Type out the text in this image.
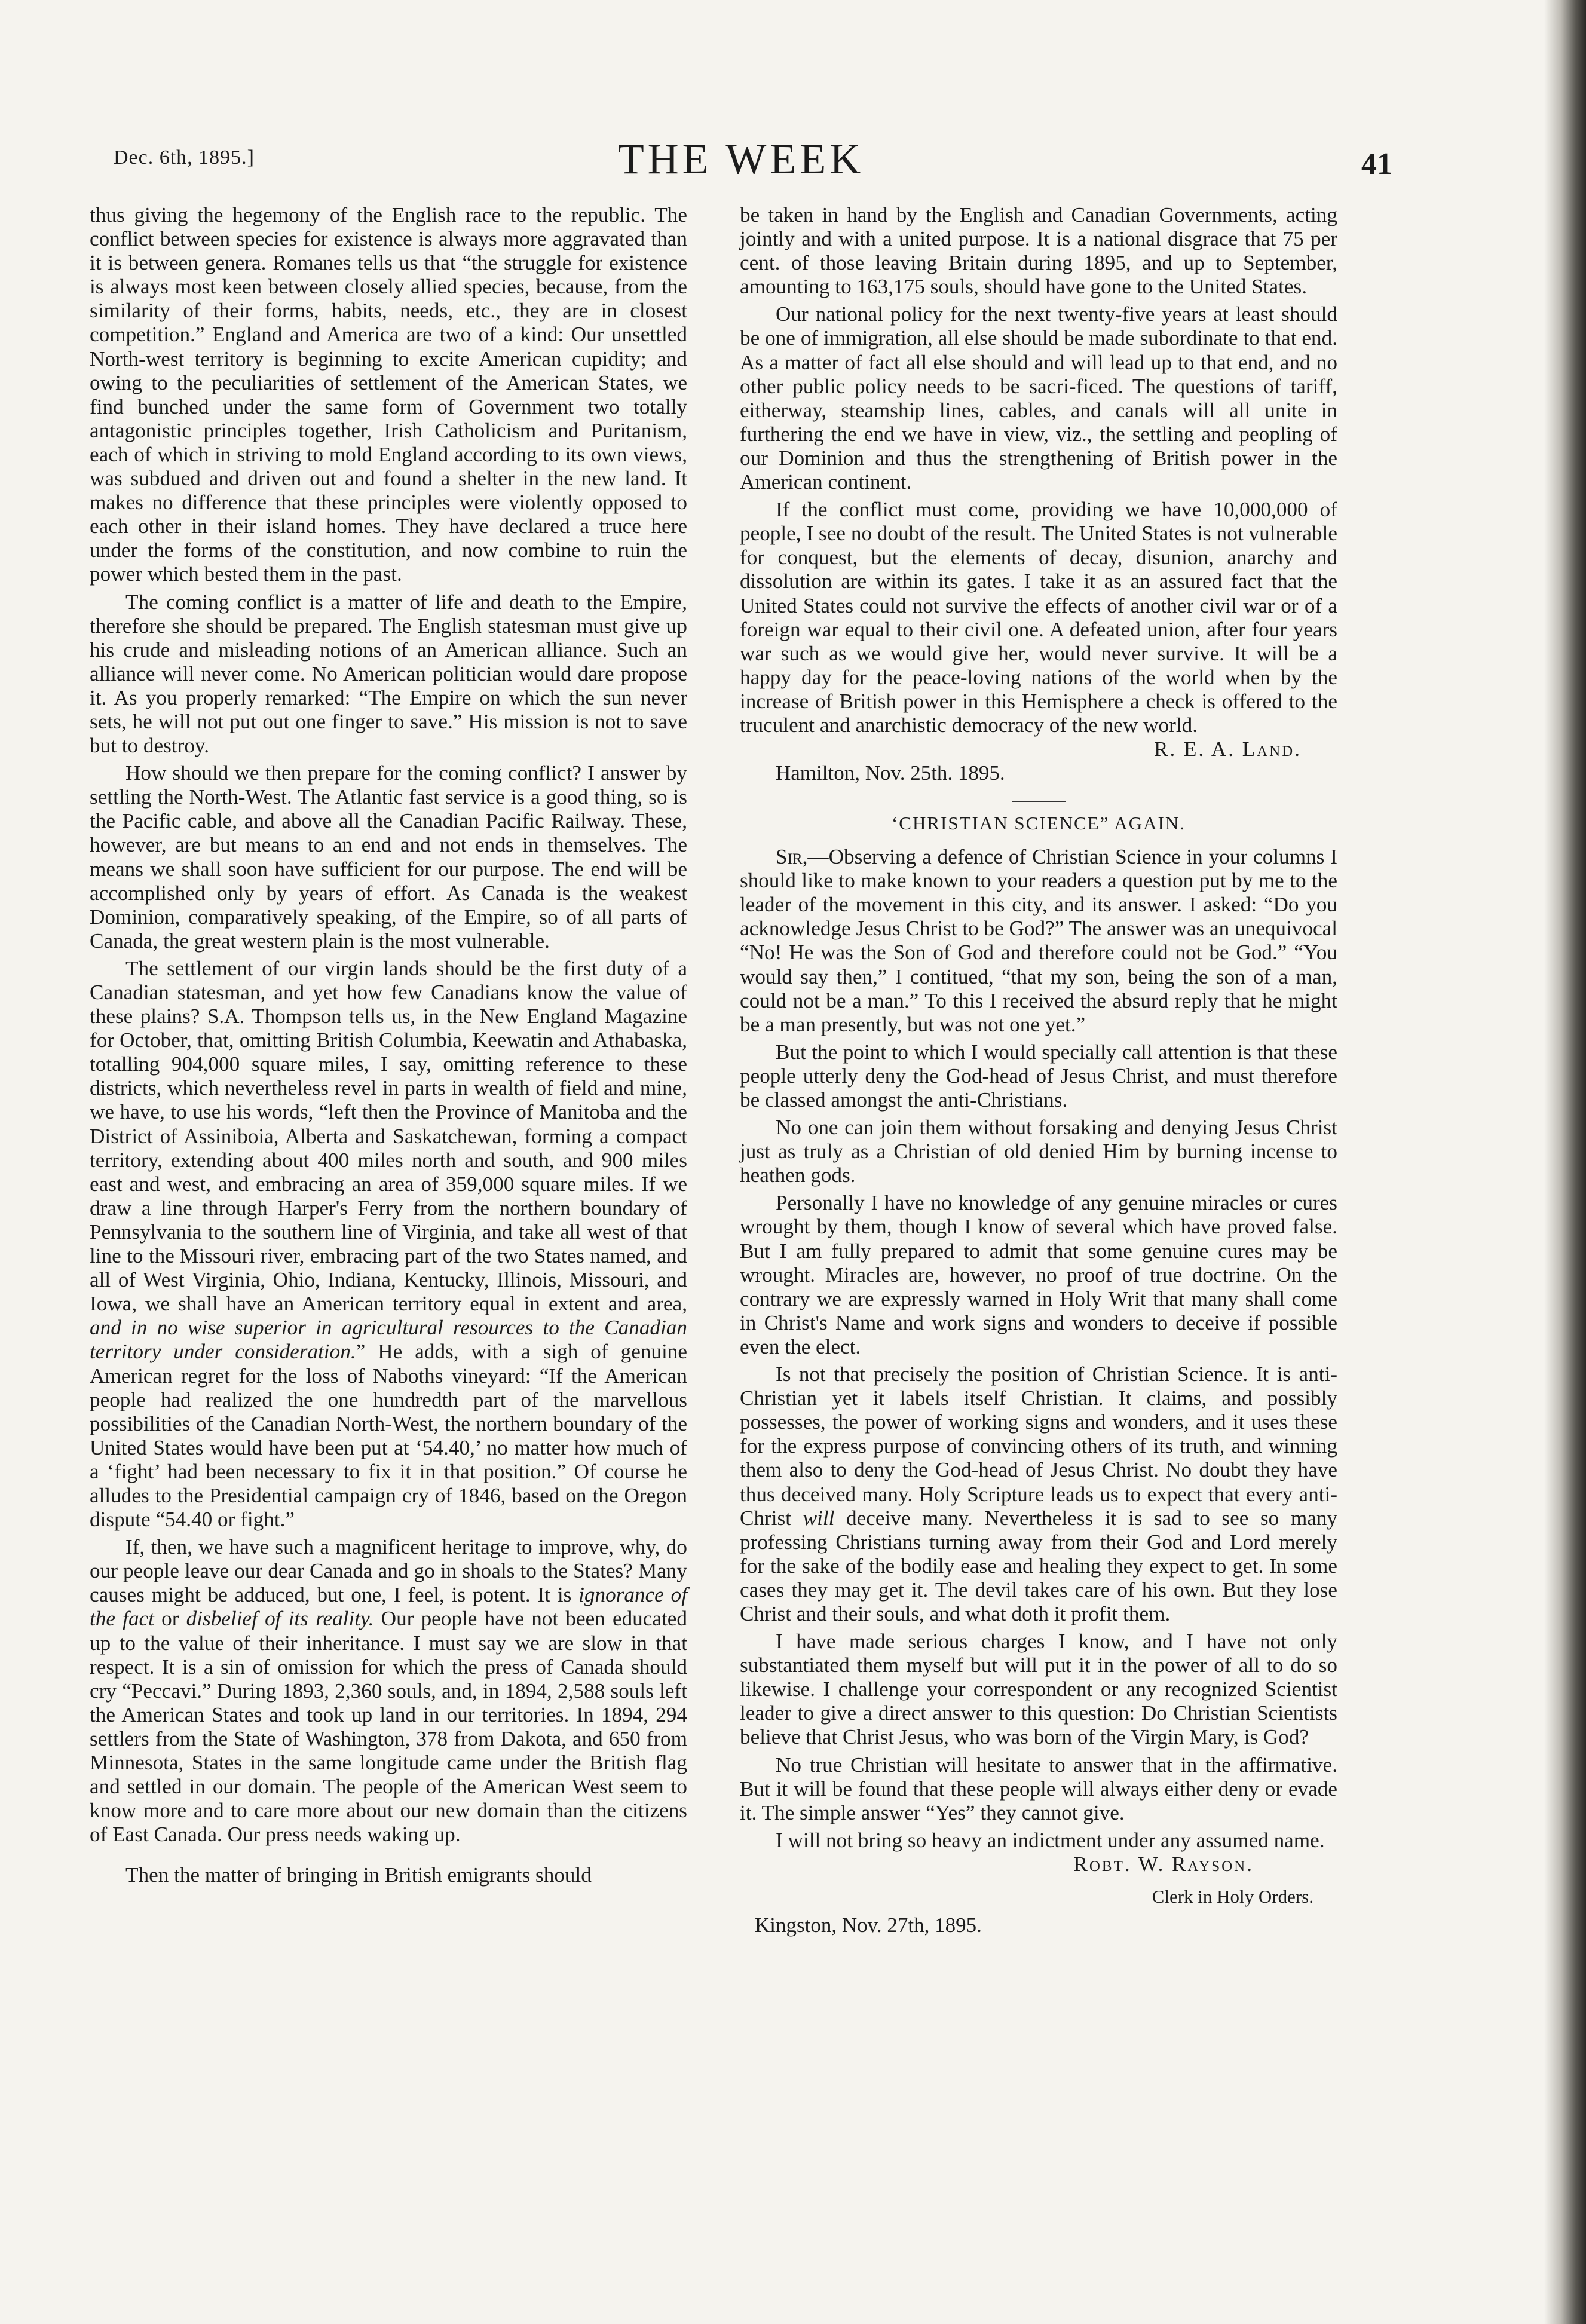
Dec. 6th, 1895.]	THE WEEK	41

thus giving the hegemony of the English race to the republic. The conflict between species for existence is always more aggravated than it is between genera. Romanes tells us that “the struggle for existence is always most keen between closely allied species, because, from the similarity of their forms, habits, needs, etc., they are in closest competition.” England and America are two of a kind: Our unsettled North-west territory is beginning to excite American cupidity; and owing to the peculiarities of settlement of the American States, we find bunched under the same form of Government two totally antagonistic principles together, Irish Catholicism and Puritanism, each of which in striving to mold England according to its own views, was subdued and driven out and found a shelter in the new land. It makes no difference that these principles were violently opposed to each other in their island homes. They have declared a truce here under the forms of the constitution, and now combine to ruin the power which bested them in the past.

The coming conflict is a matter of life and death to the Empire, therefore she should be prepared. The English statesman must give up his crude and misleading notions of an American alliance. Such an alliance will never come. No American politician would dare propose it. As you properly remarked: “The Empire on which the sun never sets, he will not put out one finger to save.” His mission is not to save but to destroy.

How should we then prepare for the coming conflict? I answer by settling the North-West. The Atlantic fast service is a good thing, so is the Pacific cable, and above all the Canadian Pacific Railway. These, however, are but means to an end and not ends in themselves. The means we shall soon have sufficient for our purpose. The end will be accomplished only by years of effort. As Canada is the weakest Dominion, comparatively speaking, of the Empire, so of all parts of Canada, the great western plain is the most vulnerable.

The settlement of our virgin lands should be the first duty of a Canadian statesman, and yet how few Canadians know the value of these plains? S.A. Thompson tells us, in the New England Magazine for October, that, omitting British Columbia, Keewatin and Athabaska, totalling 904,000 square miles, I say, omitting reference to these districts, which nevertheless revel in parts in wealth of field and mine, we have, to use his words, “left then the Province of Manitoba and the District of Assiniboia, Alberta and Saskatchewan, forming a compact territory, extending about 400 miles north and south, and 900 miles east and west, and embracing an area of 359,000 square miles. If we draw a line through Harper's Ferry from the northern boundary of Pennsylvania to the southern line of Virginia, and take all west of that line to the Missouri river, embracing part of the two States named, and all of West Virginia, Ohio, Indiana, Kentucky, Illinois, Missouri, and Iowa, we shall have an American territory equal in extent and area, and in no wise superior in agricultural resources to the Canadian territory under consideration.” He adds, with a sigh of genuine American regret for the loss of Naboths vineyard: “If the American people had realized the one hundredth part of the marvellous possibilities of the Canadian North-West, the northern boundary of the United States would have been put at ‘54.40,’ no matter how much of a ‘fight’ had been necessary to fix it in that position.” Of course he alludes to the Presidential campaign cry of 1846, based on the Oregon dispute “54.40 or fight.”

If, then, we have such a magnificent heritage to improve, why, do our people leave our dear Canada and go in shoals to the States? Many causes might be adduced, but one, I feel, is potent. It is ignorance of the fact or disbelief of its reality. Our people have not been educated up to the value of their inheritance. I must say we are slow in that respect. It is a sin of omission for which the press of Canada should cry “Peccavi.” During 1893, 2,360 souls, and, in 1894, 2,588 souls left the American States and took up land in our territories. In 1894, 294 settlers from the State of Washington, 378 from Dakota, and 650 from Minnesota, States in the same longitude came under the British flag and settled in our domain. The people of the American West seem to know more and to care more about our new domain than the citizens of East Canada. Our press needs waking up.

Then the matter of bringing in British emigrants should

be taken in hand by the English and Canadian Governments, acting jointly and with a united purpose. It is a national disgrace that 75 per cent. of those leaving Britain during 1895, and up to September, amounting to 163,175 souls, should have gone to the United States.

Our national policy for the next twenty-five years at least should be one of immigration, all else should be made subordinate to that end. As a matter of fact all else should and will lead up to that end, and no other public policy needs to be sacri-ficed. The questions of tariff, eitherway, steamship lines, cables, and canals will all unite in furthering the end we have in view, viz., the settling and peopling of our Dominion and thus the strengthening of British power in the American continent.

If the conflict must come, providing we have 10,000,000 of people, I see no doubt of the result. The United States is not vulnerable for conquest, but the elements of decay, disunion, anarchy and dissolution are within its gates. I take it as an assured fact that the United States could not survive the effects of another civil war or of a foreign war equal to their civil one. A defeated union, after four years war such as we would give her, would never survive. It will be a happy day for the peace-loving nations of the world when by the increase of British power in this Hemisphere a check is offered to the truculent and anarchistic democracy of the new world.

R. E. A. Land.
Hamilton, Nov. 25th. 1895.
‘CHRISTIAN SCIENCE” AGAIN.

Sir,—Observing a defence of Christian Science in your columns I should like to make known to your readers a question put by me to the leader of the movement in this city, and its answer. I asked: “Do you acknowledge Jesus Christ to be God?” The answer was an unequivocal “No! He was the Son of God and therefore could not be God.” “You would say then,” I contitued, “that my son, being the son of a man, could not be a man.” To this I received the absurd reply that he might be a man presently, but was not one yet.”

But the point to which I would specially call attention is that these people utterly deny the God-head of Jesus Christ, and must therefore be classed amongst the anti-Christians.

No one can join them without forsaking and denying Jesus Christ just as truly as a Christian of old denied Him by burning incense to heathen gods.

Personally I have no knowledge of any genuine miracles or cures wrought by them, though I know of several which have proved false. But I am fully prepared to admit that some genuine cures may be wrought. Miracles are, however, no proof of true doctrine. On the contrary we are expressly warned in Holy Writ that many shall come in Christ's Name and work signs and wonders to deceive if possible even the elect.

Is not that precisely the position of Christian Science. It is anti-Christian yet it labels itself Christian. It claims, and possibly possesses, the power of working signs and wonders, and it uses these for the express purpose of convincing others of its truth, and winning them also to deny the God-head of Jesus Christ. No doubt they have thus deceived many. Holy Scripture leads us to expect that every anti-Christ will deceive many. Nevertheless it is sad to see so many professing Christians turning away from their God and Lord merely for the sake of the bodily ease and healing they expect to get. In some cases they may get it. The devil takes care of his own. But they lose Christ and their souls, and what doth it profit them.

I have made serious charges I know, and I have not only substantiated them myself but will put it in the power of all to do so likewise. I challenge your correspondent or any recognized Scientist leader to give a direct answer to this question: Do Christian Scientists believe that Christ Jesus, who was born of the Virgin Mary, is God?

No true Christian will hesitate to answer that in the affirmative. But it will be found that these people will always either deny or evade it. The simple answer “Yes” they cannot give.

I will not bring so heavy an indictment under any assumed name.

Robt. W. Rayson.
Clerk in Holy Orders.
Kingston, Nov. 27th, 1895.
